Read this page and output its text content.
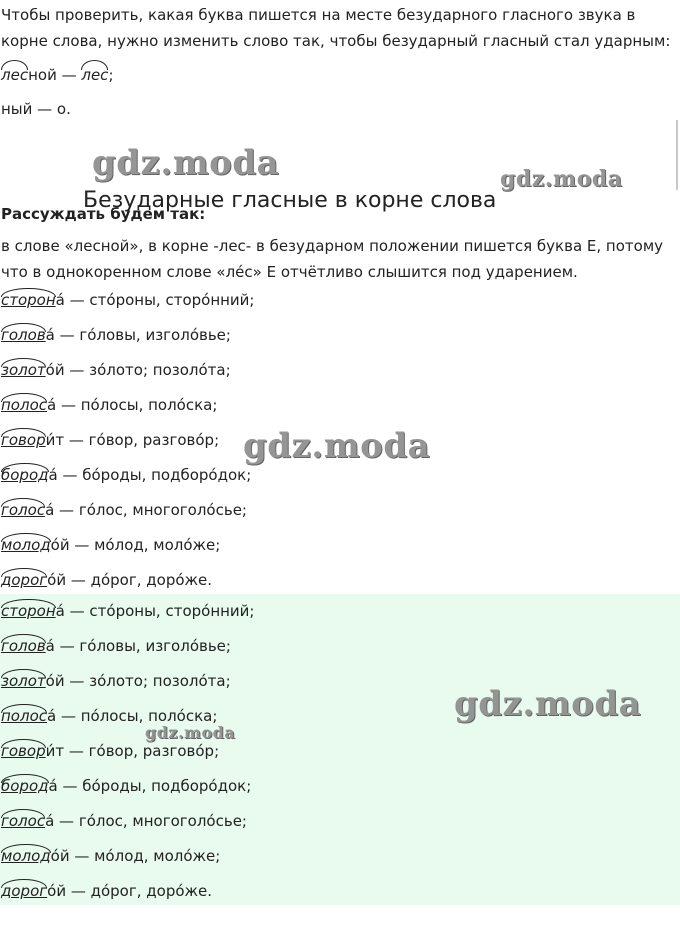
Чтобы проверить, какая буква пишется на месте безударного гласного звука в корне слова, нужно изменить слово так, чтобы безударный гласный стал ударным:

лесной — лес;
ный — о.
Безударные гласные в корне слова
gdz.moda	gdz.moda
Рассуждать будем так:
в слове «лесной», в корне -лес- в безударном положении пишется буква Е, потому что в однокоренном слове «лéс» Е отчётливо слышится под ударением.
сторонá — стóроны, сторóнний;
головá — гóловы, изголóвье;
золотóй — зóлото; позолóта;
полосá — пóлосы, полóска;
говори́т — гóвор, разговóр;
бородá — бóроды, подборóдок;
голосá — гóлос, многоголóсье;
молодóй — мóлод, молóже;
дорогóй — дóрог, дорóже.
сторонá — стóроны, сторóнний;
головá — гóловы, изголóвье;
золотóй — зóлото; позолóта;
полосá — пóлосы, полóска;
говори́т — гóвор, разговóр;
бородá — бóроды, подборóдок;
голосá — гóлос, многоголóсье;
молодóй — мóлод, молóже;
дорогóй — дóрог, дорóже.
gdz.moda
gdz.moda
gdz.moda
